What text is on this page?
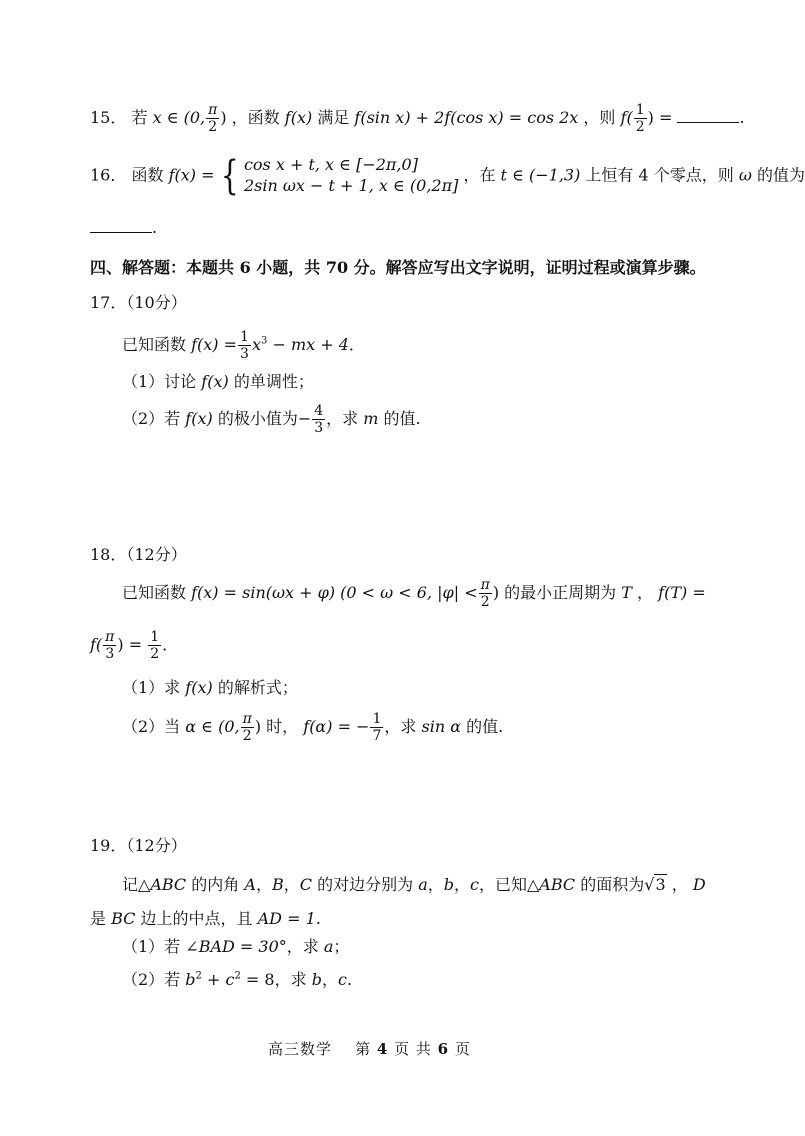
15． 若 x ∈ (0, $\frac{\pi}{2}$ ) ，函数 f(x) 满足 f(sin x) + 2f(cos x) = cos 2x ，则 $f( \frac{1}{2}$ ) =	.
16． 函数 f(x) = { cos x + t, x ∈ [−2π,0]
2sin ωx − t + 1, x ∈ (0,2π]
，在 t ∈ (−1,3) 上恒有 4 个零点，则 ω 的值为
.
四、解答题：本题共 6 小题，共 70 分。解答应写出文字说明，证明过程或演算步骤。
17．（10分）
已知函数 $f(x) = \frac{1}{3} x^3$ − mx + 4．
（1）讨论 f(x) 的单调性；
（2）若 f(x) 的极小值为− $\frac{4}{3}$ ，求 m 的值.
18．（12分）
已知函数 f(x) = sin(ωx + φ) (0 < ω < 6, $|\varphi| < \frac{\pi}{2}$ ) 的最小正周期为 T ， f(T) =
$f( \frac{\pi}{3}$ ) = $\frac{1}{2}$ ．
（1）求 f(x) 的解析式；
（2）当 α ∈ (0, $\frac{\pi}{2}$ ) 时， f(α) = − $\frac{1}{7}$ ，求 sin α 的值.
19．（12分）
记△ABC 的内角 A，B，C 的对边分别为 a，b，c，已知△ABC 的面积为√3 ， D
是 BC 边上的中点，且 AD = 1.
（1）若 ∠BAD = 30°，求 a；
（2）若 $b^2 + c^2 = 8$，求 b，c.
高三数学 第 4 页 共 6 页
